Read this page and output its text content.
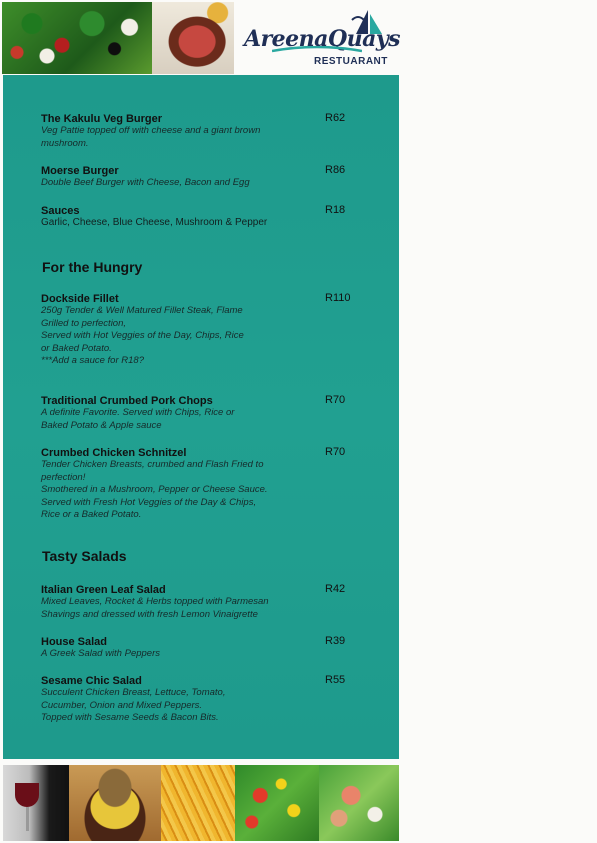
AreenaQuays
RESTUARANT
The Kakulu Veg Burger	R62
Veg Pattie topped off with cheese and a giant brown
mushroom.
Moerse Burger	R86
Double Beef Burger with Cheese, Bacon and Egg
Sauces	R18
Garlic, Cheese, Blue Cheese, Mushroom & Pepper
For the Hungry
Dockside Fillet	R110
250g Tender & Well Matured Fillet Steak, Flame
Grilled to perfection,
Served with Hot Veggies of the Day, Chips, Rice
or Baked Potato.
***Add a sauce for R18?
Traditional Crumbed Pork Chops	R70
A definite Favorite. Served with Chips, Rice or
Baked Potato & Apple sauce
Crumbed Chicken Schnitzel	R70
Tender Chicken Breasts, crumbed and Flash Fried to
perfection!
Smothered in a Mushroom, Pepper or Cheese Sauce.
Served with Fresh Hot Veggies of the Day & Chips,
Rice or a Baked Potato.
Tasty Salads
Italian Green Leaf Salad	R42
Mixed Leaves, Rocket & Herbs topped with Parmesan
Shavings and dressed with fresh Lemon Vinaigrette
House Salad	R39
A Greek Salad with Peppers
Sesame Chic Salad	R55
Succulent Chicken Breast, Lettuce, Tomato,
Cucumber, Onion and Mixed Peppers.
Topped with Sesame Seeds & Bacon Bits.
